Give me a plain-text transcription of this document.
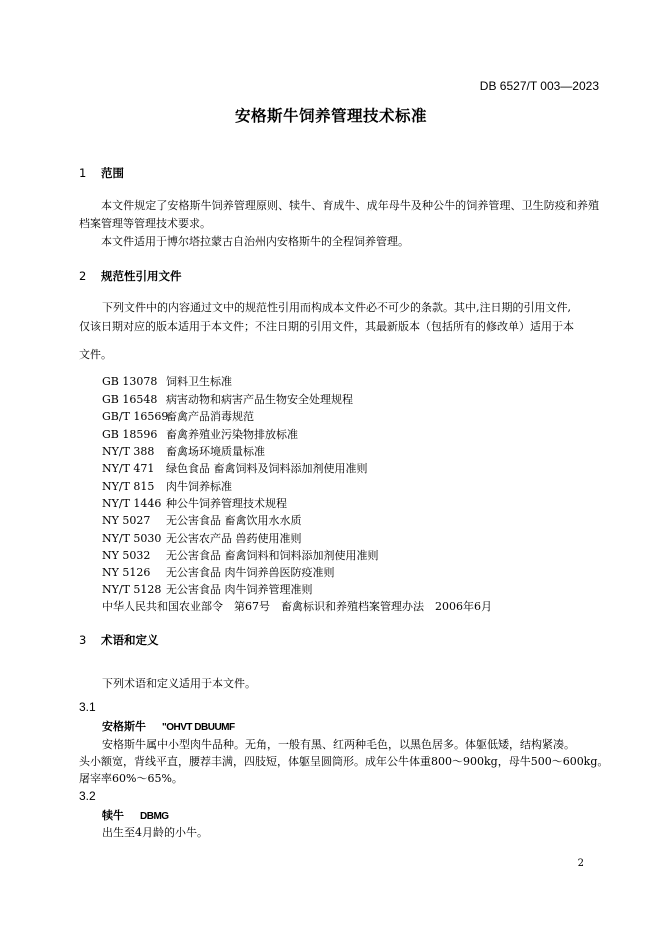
DB 6527/T 003—2023
安格斯牛饲养管理技术标准
1 范围
本文件规定了安格斯牛饲养管理原则、犊牛、育成牛、成年母牛及种公牛的饲养管理、卫生防疫和养殖档案管理等管理技术要求。
本文件适用于博尔塔拉蒙古自治州内安格斯牛的全程饲养管理。
2 规范性引用文件
下列文件中的内容通过文中的规范性引用而构成本文件必不可少的条款。其中,注日期的引用文件,
仅该日期对应的版本适用于本文件；不注日期的引用文件，其最新版本（包括所有的修改单）适用于本
文件。
GB 13078 饲料卫生标准
GB 16548 病害动物和病害产品生物安全处理规程
GB/T 16569畜禽产品消毒规范
GB 18596 畜禽养殖业污染物排放标准
NY/T 388 畜禽场环境质量标准
NY/T 471 绿色食品 畜禽饲料及饲料添加剂使用准则
NY/T 815 肉牛饲养标准
NY/T 1446 种公牛饲养管理技术规程
NY 5027 无公害食品 畜禽饮用水水质
NY/T 5030 无公害农产品 兽药使用准则
NY 5032 无公害食品 畜禽饲料和饲料添加剂使用准则
NY 5126 无公害食品 肉牛饲养兽医防疫准则
NY/T 5128 无公害食品 肉牛饲养管理准则
中华人民共和国农业部令　第67号　畜禽标识和养殖档案管理办法　2006年6月
3 术语和定义
下列术语和定义适用于本文件。
3.1
安格斯牛 "OHVT DBUUMF
安格斯牛属中小型肉牛品种。无角，一般有黑、红两种毛色，以黑色居多。体躯低矮，结构紧凑。
头小额宽，背线平直，腰荐丰满，四肢短，体躯呈圆筒形。成年公牛体重800～900kg，母牛500～600kg。
屠宰率60%～65%。
3.2
犊牛 DBMG
出生至4月龄的小牛。
2
